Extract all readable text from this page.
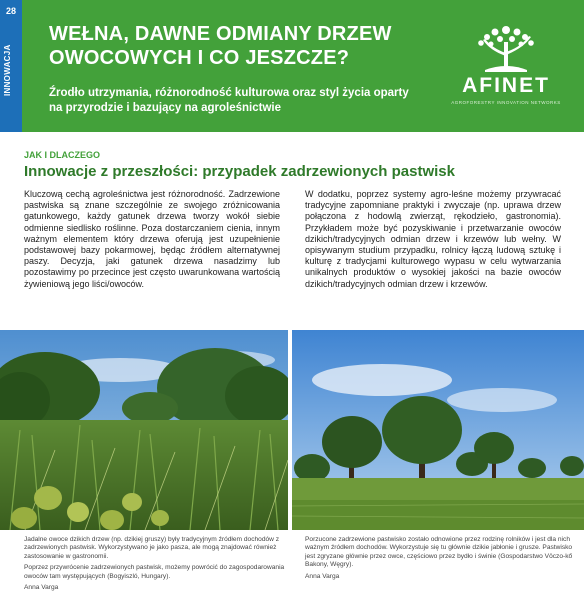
28
INNOWACJA
WEŁNA, DAWNE ODMIANY DRZEW OWOCOWYCH I CO JESZCZE?

Źrodło utrzymania, różnorodność kulturowa oraz styl życia oparty na przyrodzie i bazujący na agroleśnictwie

AFINET
AGROFORESTRY INNOVATION NETWORKS
JAK I DLACZEGO
Innowacje z przeszłości: przypadek zadrzewionych pastwisk

Kluczową cechą agroleśnictwa jest różnorodność. Zadrzewione pastwiska są znane szczególnie ze swojego zróżnicowania gatunkowego, każdy gatunek drzewa tworzy wokół siebie odmienne siedlisko roślinne. Poza dostarczaniem cienia, innym ważnym elementem który drzewa oferują jest uzupełnienie podstawowej bazy pokarmowej, będąc źródłem alternatywnej paszy. Decyzja, jaki gatunek drzewa nasadzimy lub pozostawimy po przecince jest często uwarunkowana wartością żywieniową jego liści/owoców.

W dodatku, poprzez systemy agro-leśne możemy przywracać tradycyjne zapomniane praktyki i zwyczaje (np. uprawa drzew połączona z hodowlą zwierząt, rękodzieło, gastronomia). Przykładem może być pozyskiwanie i przetwarzanie owoców dzikich/tradycyjnych odmian drzew i krzewów lub wełny. W opisywanym studium przypadku, rolnicy łączą ludową sztukę i kulturę z tradycjami kulturowego wypasu w celu wytwarzania unikalnych produktów o wysokiej jakości na bazie owoców dzikich/tradycyjnych odmian drzew i krzewów.

Jadalne owoce dzikich drzew (np. dzikiej gruszy) były tradycyjnym źródłem dochodów z zadrzewionych pastwisk. Wykorzystywano je jako pasza, ale mogą znajdować również zastosowanie w gastronomii.

Poprzez przywrócenie zadrzewionych pastwisk, możemy powrócić do zagospodarowania owoców tam występujących (Bogyiszló, Hungary).

Anna Varga

Porzucone zadrzewione pastwisko zostało odnowione przez rodzinę rolników i jest dla nich ważnym źródłem dochodów. Wykorzystuje się tu głównie dzikie jabłonie i grusze. Pastwisko jest zgryzane głównie przez owce, częściowo przez bydło i świnie (Gospodarstwo Vöczo-kő Bakony, Węgry).

Anna Varga
